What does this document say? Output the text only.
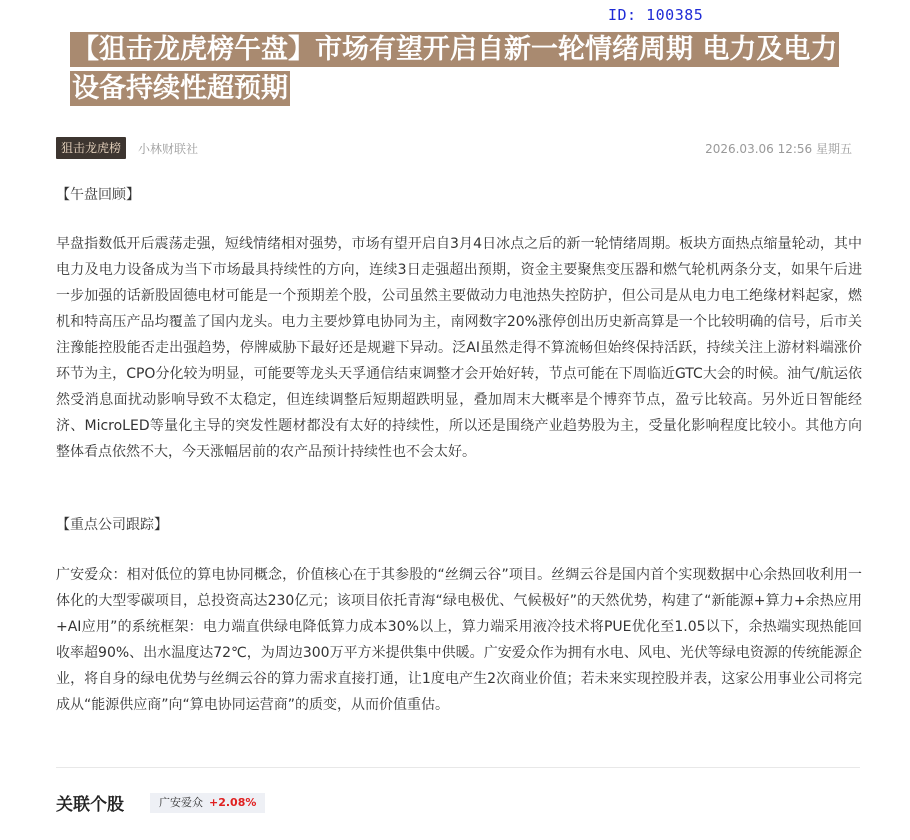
ID: 100385
【狙击龙虎榜午盘】市场有望开启自新一轮情绪周期 电力及电力设备持续性超预期
狙击龙虎榜	小林财联社	2026.03.06 12:56 星期五
【午盘回顾】

早盘指数低开后震荡走强，短线情绪相对强势，市场有望开启自3月4日冰点之后的新一轮情绪周期。板块方面热点缩量轮动，其中电力及电力设备成为当下市场最具持续性的方向，连续3日走强超出预期，资金主要聚焦变压器和燃气轮机两条分支，如果午后进一步加强的话新股固德电材可能是一个预期差个股，公司虽然主要做动力电池热失控防护，但公司是从电力电工绝缘材料起家，燃机和特高压产品均覆盖了国内龙头。电力主要炒算电协同为主，南网数字20%涨停创出历史新高算是一个比较明确的信号，后市关注豫能控股能否走出强趋势，停牌威胁下最好还是规避下异动。泛AI虽然走得不算流畅但始终保持活跃，持续关注上游材料端涨价环节为主，CPO分化较为明显，可能要等龙头天孚通信结束调整才会开始好转，节点可能在下周临近GTC大会的时候。油气/航运依然受消息面扰动影响导致不太稳定，但连续调整后短期超跌明显，叠加周末大概率是个博弈节点，盈亏比较高。另外近日智能经济、MicroLED等量化主导的突发性题材都没有太好的持续性，所以还是围绕产业趋势股为主，受量化影响程度比较小。其他方向整体看点依然不大，今天涨幅居前的农产品预计持续性也不会太好。

【重点公司跟踪】

广安爱众：相对低位的算电协同概念，价值核心在于其参股的“丝绸云谷”项目。丝绸云谷是国内首个实现数据中心余热回收利用一体化的大型零碳项目，总投资高达230亿元；该项目依托青海“绿电极优、气候极好”的天然优势，构建了“新能源+算力+余热应用+AI应用”的系统框架：电力端直供绿电降低算力成本30%以上，算力端采用液冷技术将PUE优化至1.05以下，余热端实现热能回收率超90%、出水温度达72℃，为周边300万平方米提供集中供暖。广安爱众作为拥有水电、风电、光伏等绿电资源的传统能源企业，将自身的绿电优势与丝绸云谷的算力需求直接打通，让1度电产生2次商业价值；若未来实现控股并表，这家公用事业公司将完成从“能源供应商”向“算电协同运营商”的质变，从而价值重估。

关联个股	广安爱众 +2.08%
